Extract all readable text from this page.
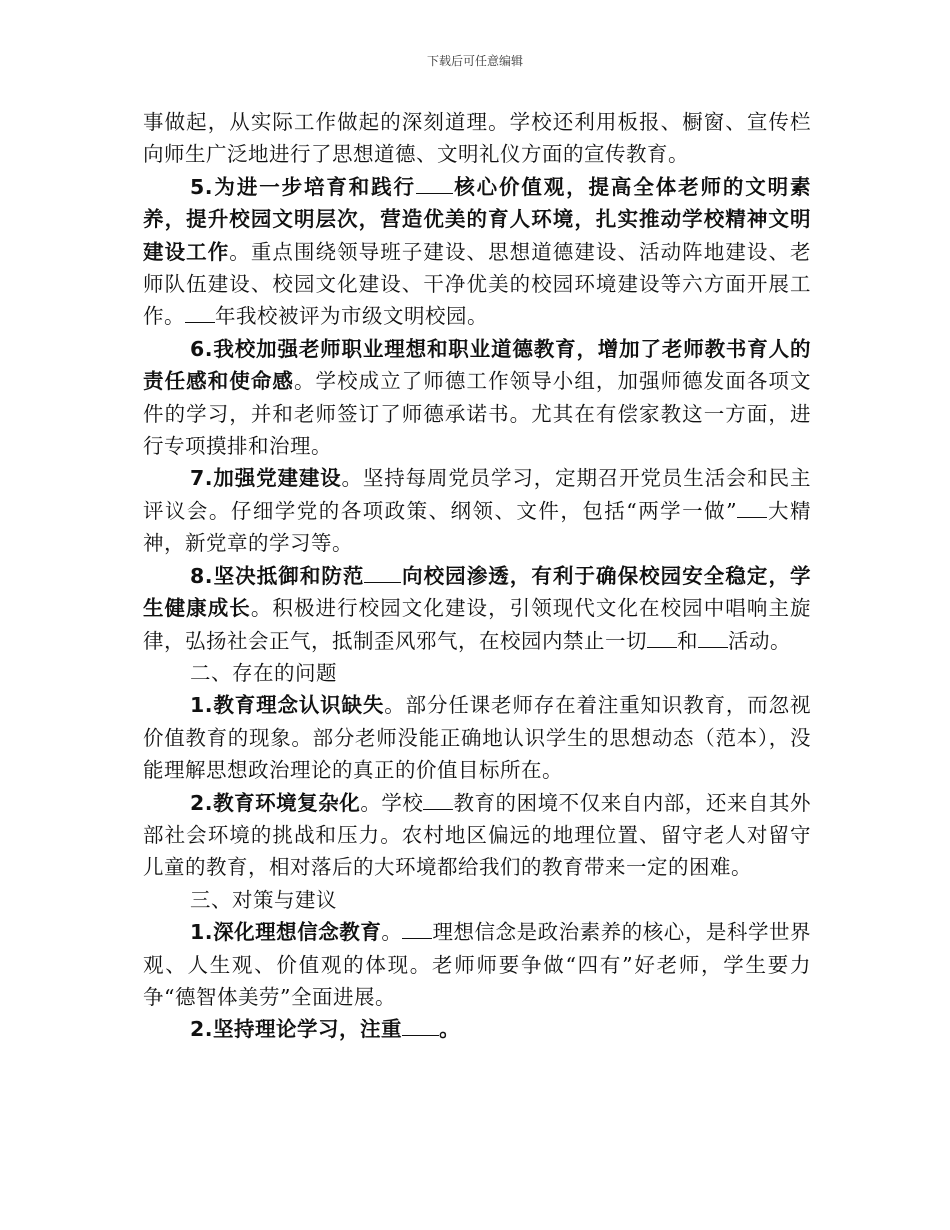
下载后可任意编辑

事做起，从实际工作做起的深刻道理。学校还利用板报、橱窗、宣传栏向师生广泛地进行了思想道德、文明礼仪方面的宣传教育。

5.为进一步培育和践行 核心价值观，提高全体老师的文明素养，提升校园文明层次，营造优美的育人环境，扎实推动学校精神文明建设工作。重点围绕领导班子建设、思想道德建设、活动阵地建设、老师队伍建设、校园文化建设、干净优美的校园环境建设等六方面开展工作。 年我校被评为市级文明校园。

6.我校加强老师职业理想和职业道德教育，增加了老师教书育人的责任感和使命感。学校成立了师德工作领导小组，加强师德发面各项文件的学习，并和老师签订了师德承诺书。尤其在有偿家教这一方面，进行专项摸排和治理。

7.加强党建建设。坚持每周党员学习，定期召开党员生活会和民主评议会。仔细学党的各项政策、纲领、文件，包括“两学一做” 大精神，新党章的学习等。

8.坚决抵御和防范 向校园渗透，有利于确保校园安全稳定，学生健康成长。积极进行校园文化建设，引领现代文化在校园中唱响主旋律，弘扬社会正气，抵制歪风邪气，在校园内禁止一切 和 活动。

二、存在的问题

1.教育理念认识缺失。部分任课老师存在着注重知识教育，而忽视价值教育的现象。部分老师没能正确地认识学生的思想动态（范本），没能理解思想政治理论的真正的价值目标所在。

2.教育环境复杂化。学校 教育的困境不仅来自内部，还来自其外部社会环境的挑战和压力。农村地区偏远的地理位置、留守老人对留守儿童的教育，相对落后的大环境都给我们的教育带来一定的困难。

三、对策与建议

1.深化理想信念教育。 理想信念是政治素养的核心，是科学世界观、人生观、价值观的体现。老师师要争做“四有”好老师，学生要力争“德智体美劳”全面进展。

2.坚持理论学习，注重 。
